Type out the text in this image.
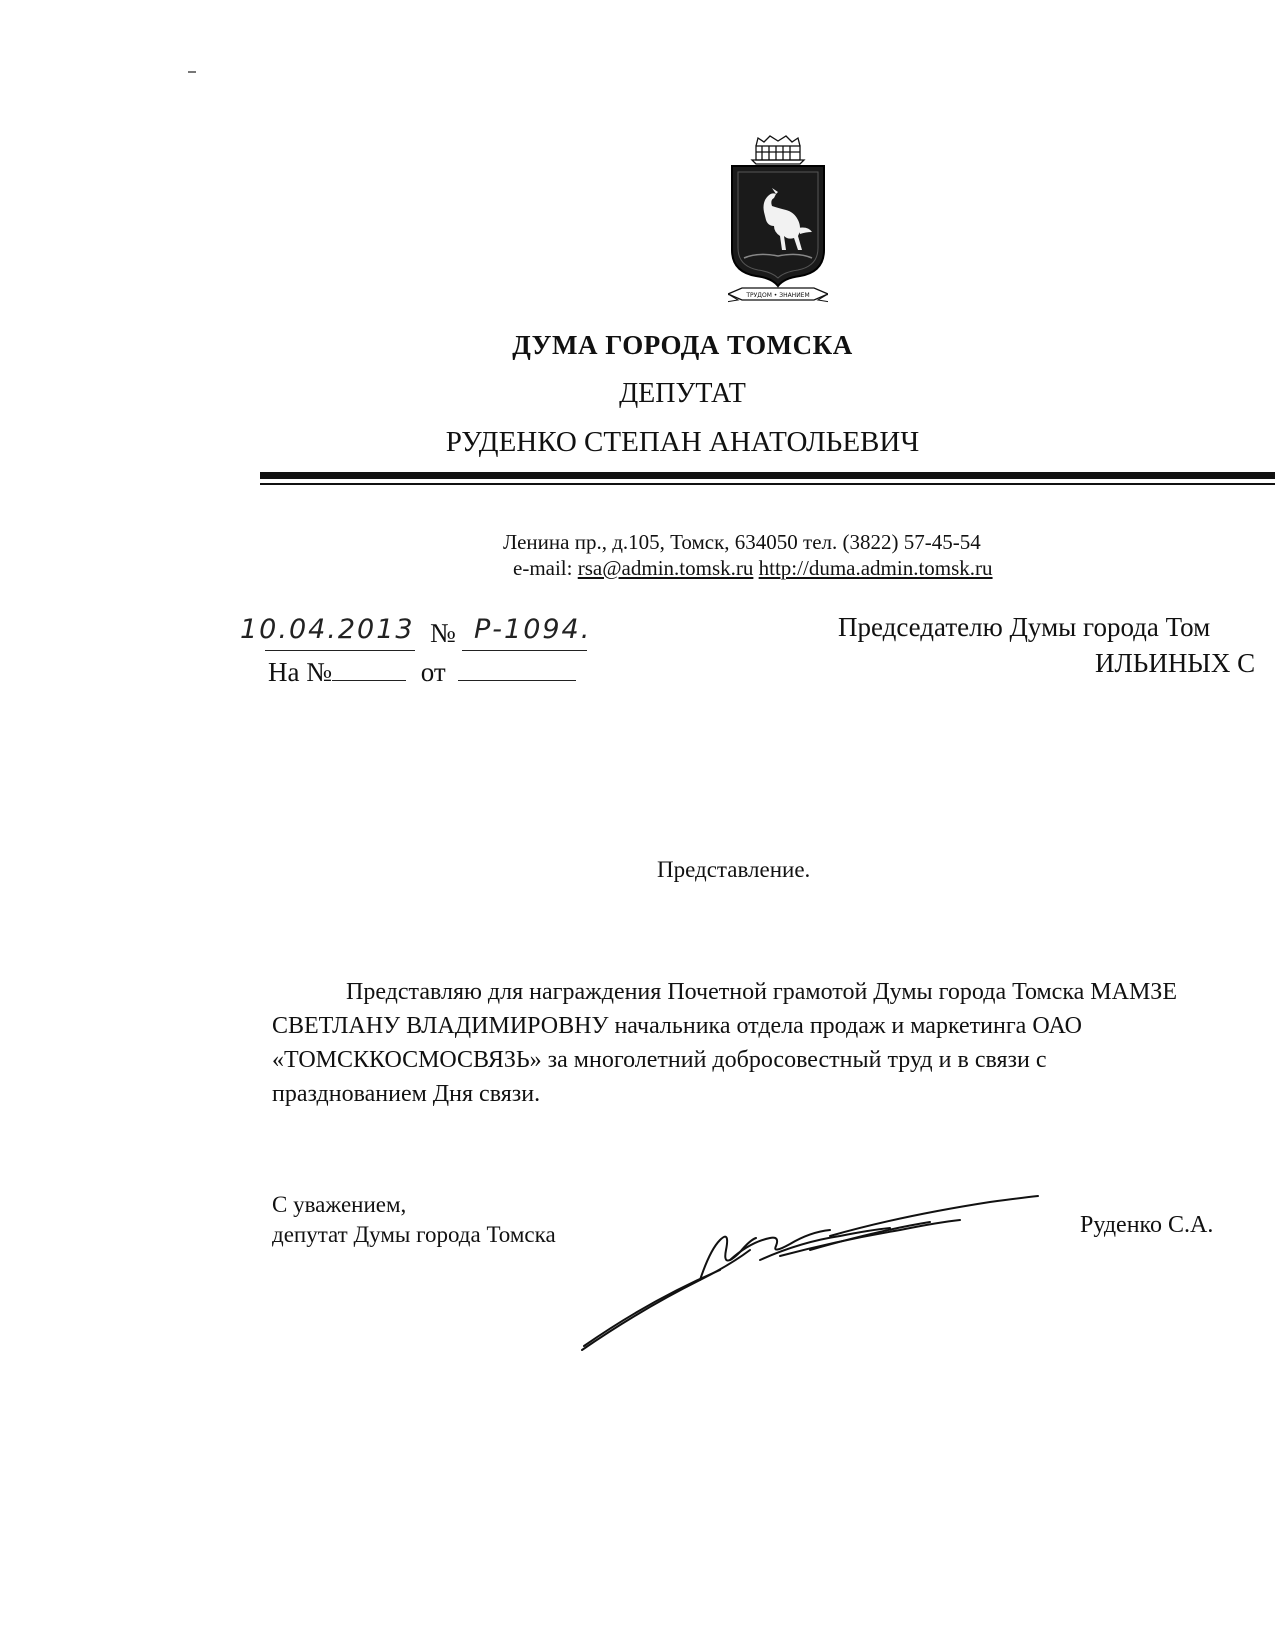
ТРУДОМ • ЗНАНИЕМ
ДУМА ГОРОДА ТОМСКА
ДЕПУТАТ
РУДЕНКО СТЕПАН АНАТОЛЬЕВИЧ
Ленина пр., д.105, Томск, 634050 тел. (3822) 57-45-54
e-mail: rsa@admin.tomsk.ru http://duma.admin.tomsk.ru
10.04.2013 № Р-1094.
На №	от
Председателю Думы города Том
ИЛЬИНЫХ С
Представление.
Представляю для награждения Почетной грамотой Думы города Томска МАМЗЕ
СВЕТЛАНУ ВЛАДИМИРОВНУ начальника отдела продаж и маркетинга ОАО
«ТОМСККОСМОСВЯЗЬ» за многолетний добросовестный труд и в связи с
празднованием Дня связи.
С уважением,
депутат Думы города Томска	Руденко С.А.
